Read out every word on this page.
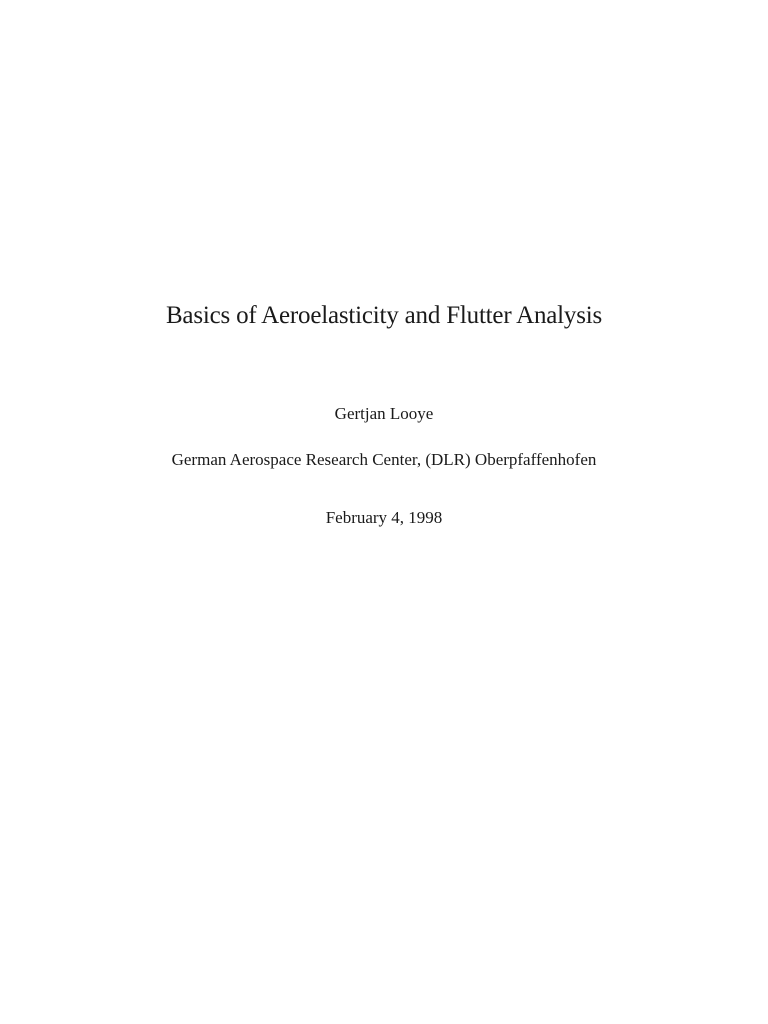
Basics of Aeroelasticity and Flutter Analysis
Gertjan Looye
German Aerospace Research Center, (DLR) Oberpfaffenhofen
February 4, 1998
